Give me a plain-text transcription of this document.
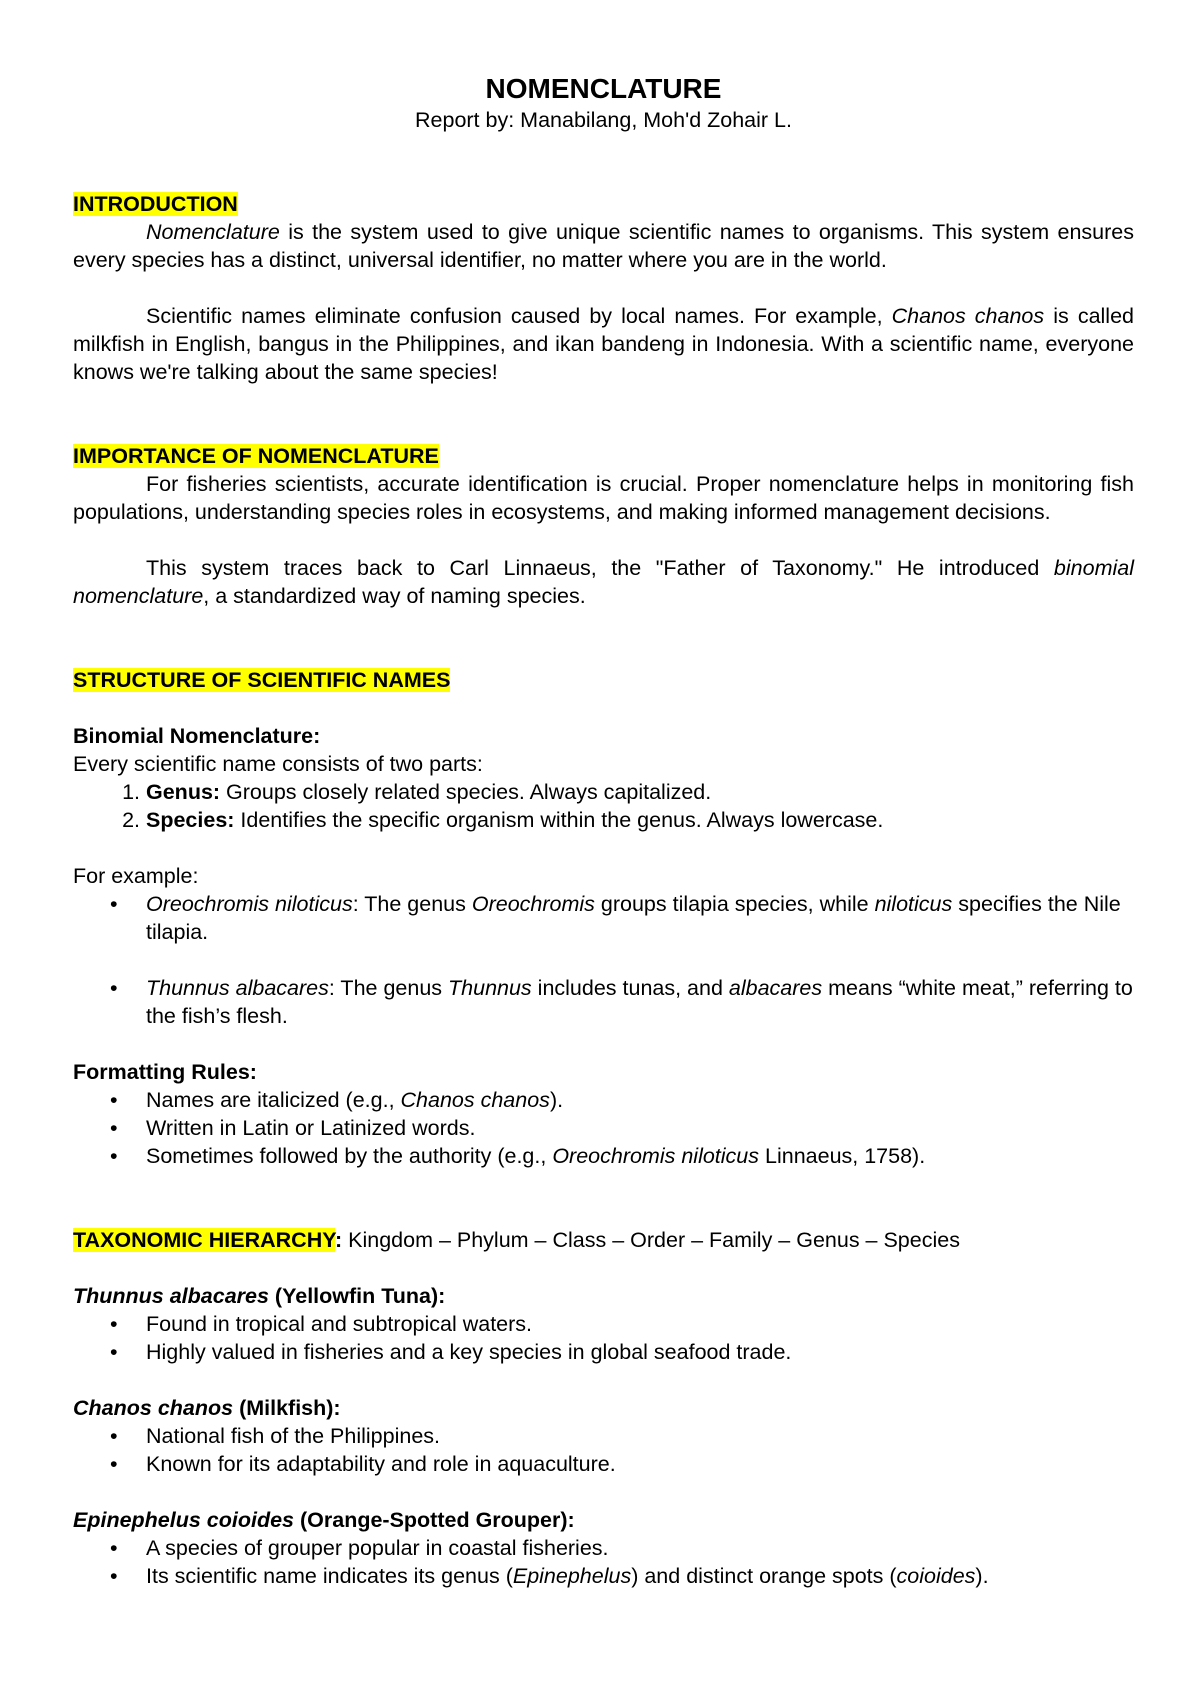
NOMENCLATURE

Report by: Manabilang, Moh'd Zohair L.

INTRODUCTION

Nomenclature is the system used to give unique scientific names to organisms. This system ensures every species has a distinct, universal identifier, no matter where you are in the world.

Scientific names eliminate confusion caused by local names. For example, Chanos chanos is called milkfish in English, bangus in the Philippines, and ikan bandeng in Indonesia. With a scientific name, everyone knows we're talking about the same species!

IMPORTANCE OF NOMENCLATURE

For fisheries scientists, accurate identification is crucial. Proper nomenclature helps in monitoring fish populations, understanding species roles in ecosystems, and making informed management decisions.

This system traces back to Carl Linnaeus, the "Father of Taxonomy." He introduced binomial nomenclature, a standardized way of naming species.

STRUCTURE OF SCIENTIFIC NAMES

Binomial Nomenclature:

Every scientific name consists of two parts:

1. Genus: Groups closely related species. Always capitalized.
2. Species: Identifies the specific organism within the genus. Always lowercase.

For example:

• Oreochromis niloticus: The genus Oreochromis groups tilapia species, while niloticus specifies the Nile tilapia.
• Thunnus albacares: The genus Thunnus includes tunas, and albacares means “white meat,” referring to the fish’s flesh.

Formatting Rules:

• Names are italicized (e.g., Chanos chanos).
• Written in Latin or Latinized words.
• Sometimes followed by the authority (e.g., Oreochromis niloticus Linnaeus, 1758).

TAXONOMIC HIERARCHY: Kingdom – Phylum – Class – Order – Family – Genus – Species

Thunnus albacares (Yellowfin Tuna):

• Found in tropical and subtropical waters.
• Highly valued in fisheries and a key species in global seafood trade.

Chanos chanos (Milkfish):

• National fish of the Philippines.
• Known for its adaptability and role in aquaculture.

Epinephelus coioides (Orange-Spotted Grouper):

• A species of grouper popular in coastal fisheries.
• Its scientific name indicates its genus (Epinephelus) and distinct orange spots (coioides).
